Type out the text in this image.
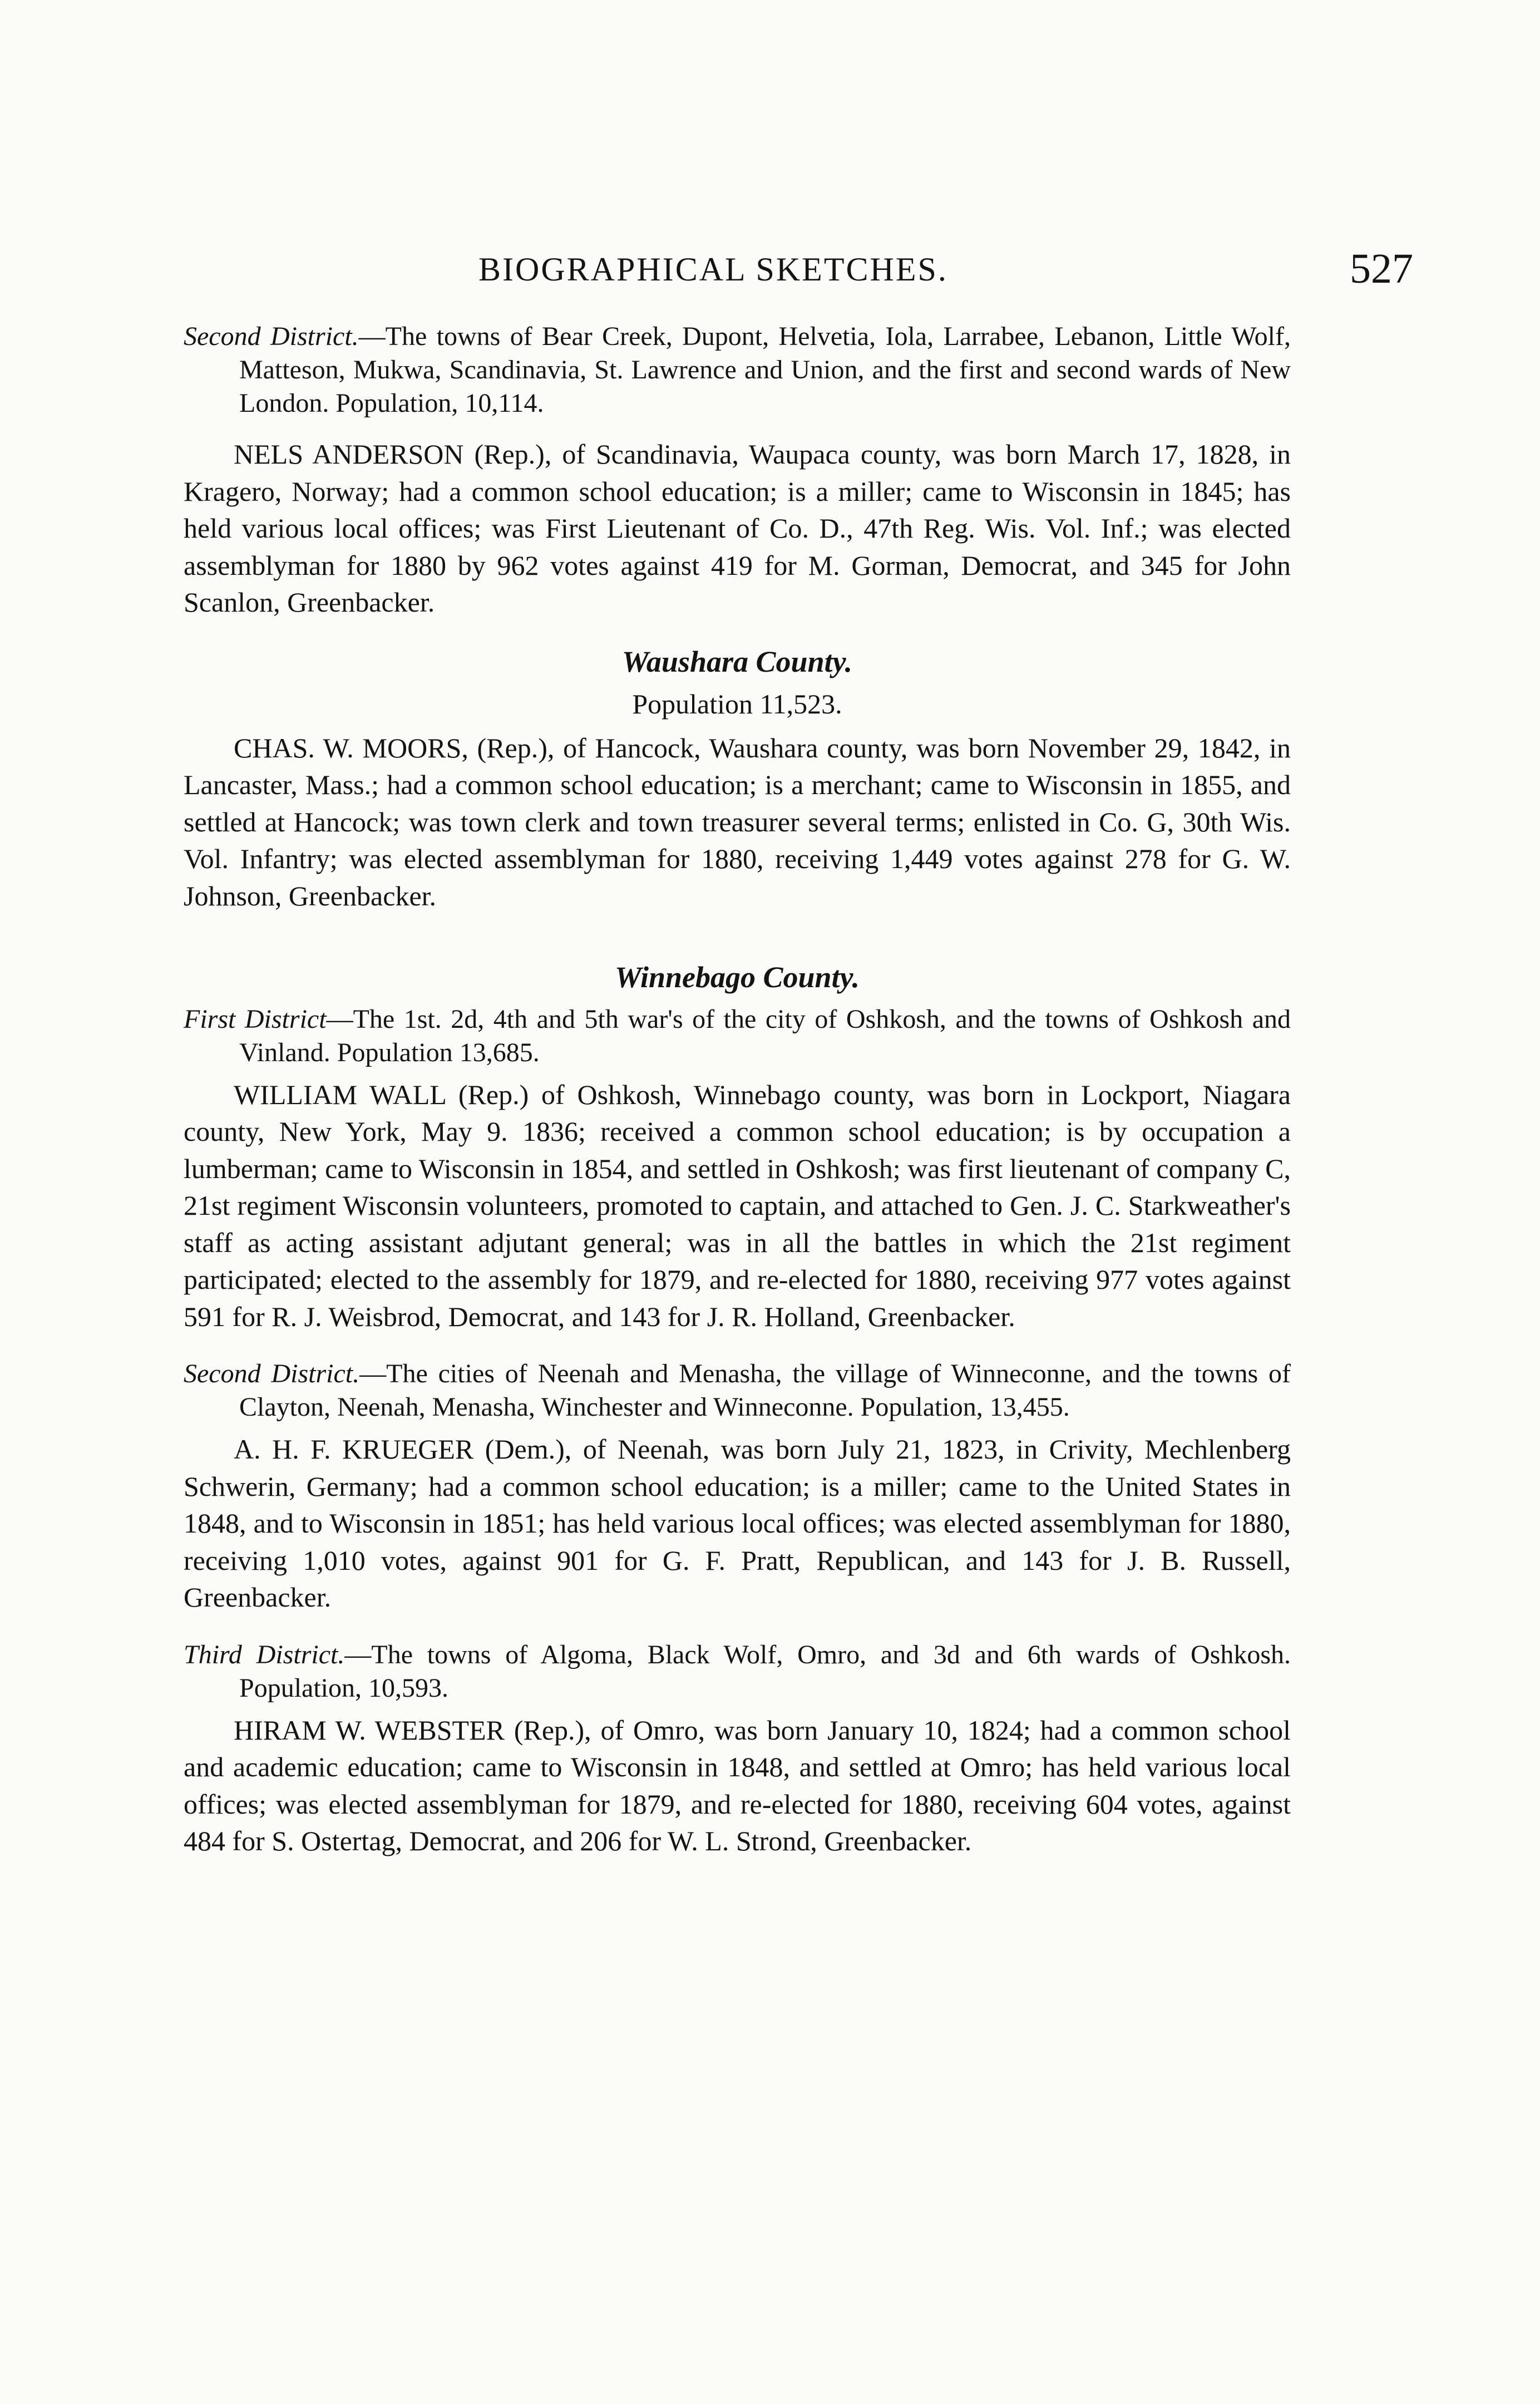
BIOGRAPHICAL SKETCHES.	527

Second District.—The towns of Bear Creek, Dupont, Helvetia, Iola, Larrabee, Lebanon, Little Wolf, Matteson, Mukwa, Scandinavia, St. Lawrence and Union, and the first and second wards of New London. Population, 10,114.

NELS ANDERSON (Rep.), of Scandinavia, Waupaca county, was born March 17, 1828, in Kragero, Norway; had a common school education; is a miller; came to Wisconsin in 1845; has held various local offices; was First Lieutenant of Co. D., 47th Reg. Wis. Vol. Inf.; was elected assemblyman for 1880 by 962 votes against 419 for M. Gorman, Democrat, and 345 for John Scanlon, Greenbacker.

Waushara County.

Population 11,523.

CHAS. W. MOORS, (Rep.), of Hancock, Waushara county, was born November 29, 1842, in Lancaster, Mass.; had a common school education; is a merchant; came to Wisconsin in 1855, and settled at Hancock; was town clerk and town treasurer several terms; enlisted in Co. G, 30th Wis. Vol. Infantry; was elected assemblyman for 1880, receiving 1,449 votes against 278 for G. W. Johnson, Greenbacker.

Winnebago County.

First District—The 1st. 2d, 4th and 5th war's of the city of Oshkosh, and the towns of Oshkosh and Vinland. Population 13,685.

WILLIAM WALL (Rep.) of Oshkosh, Winnebago county, was born in Lockport, Niagara county, New York, May 9. 1836; received a common school education; is by occupation a lumberman; came to Wisconsin in 1854, and settled in Oshkosh; was first lieutenant of company C, 21st regiment Wisconsin volunteers, promoted to captain, and attached to Gen. J. C. Starkweather's staff as acting assistant adjutant general; was in all the battles in which the 21st regiment participated; elected to the assembly for 1879, and re-elected for 1880, receiving 977 votes against 591 for R. J. Weisbrod, Democrat, and 143 for J. R. Holland, Greenbacker.

Second District.—The cities of Neenah and Menasha, the village of Winneconne, and the towns of Clayton, Neenah, Menasha, Winchester and Winneconne. Population, 13,455.

A. H. F. KRUEGER (Dem.), of Neenah, was born July 21, 1823, in Crivity, Mechlenberg Schwerin, Germany; had a common school education; is a miller; came to the United States in 1848, and to Wisconsin in 1851; has held various local offices; was elected assemblyman for 1880, receiving 1,010 votes, against 901 for G. F. Pratt, Republican, and 143 for J. B. Russell, Greenbacker.

Third District.—The towns of Algoma, Black Wolf, Omro, and 3d and 6th wards of Oshkosh. Population, 10,593.

HIRAM W. WEBSTER (Rep.), of Omro, was born January 10, 1824; had a common school and academic education; came to Wisconsin in 1848, and settled at Omro; has held various local offices; was elected assemblyman for 1879, and re-elected for 1880, receiving 604 votes, against 484 for S. Ostertag, Democrat, and 206 for W. L. Strond, Greenbacker.
